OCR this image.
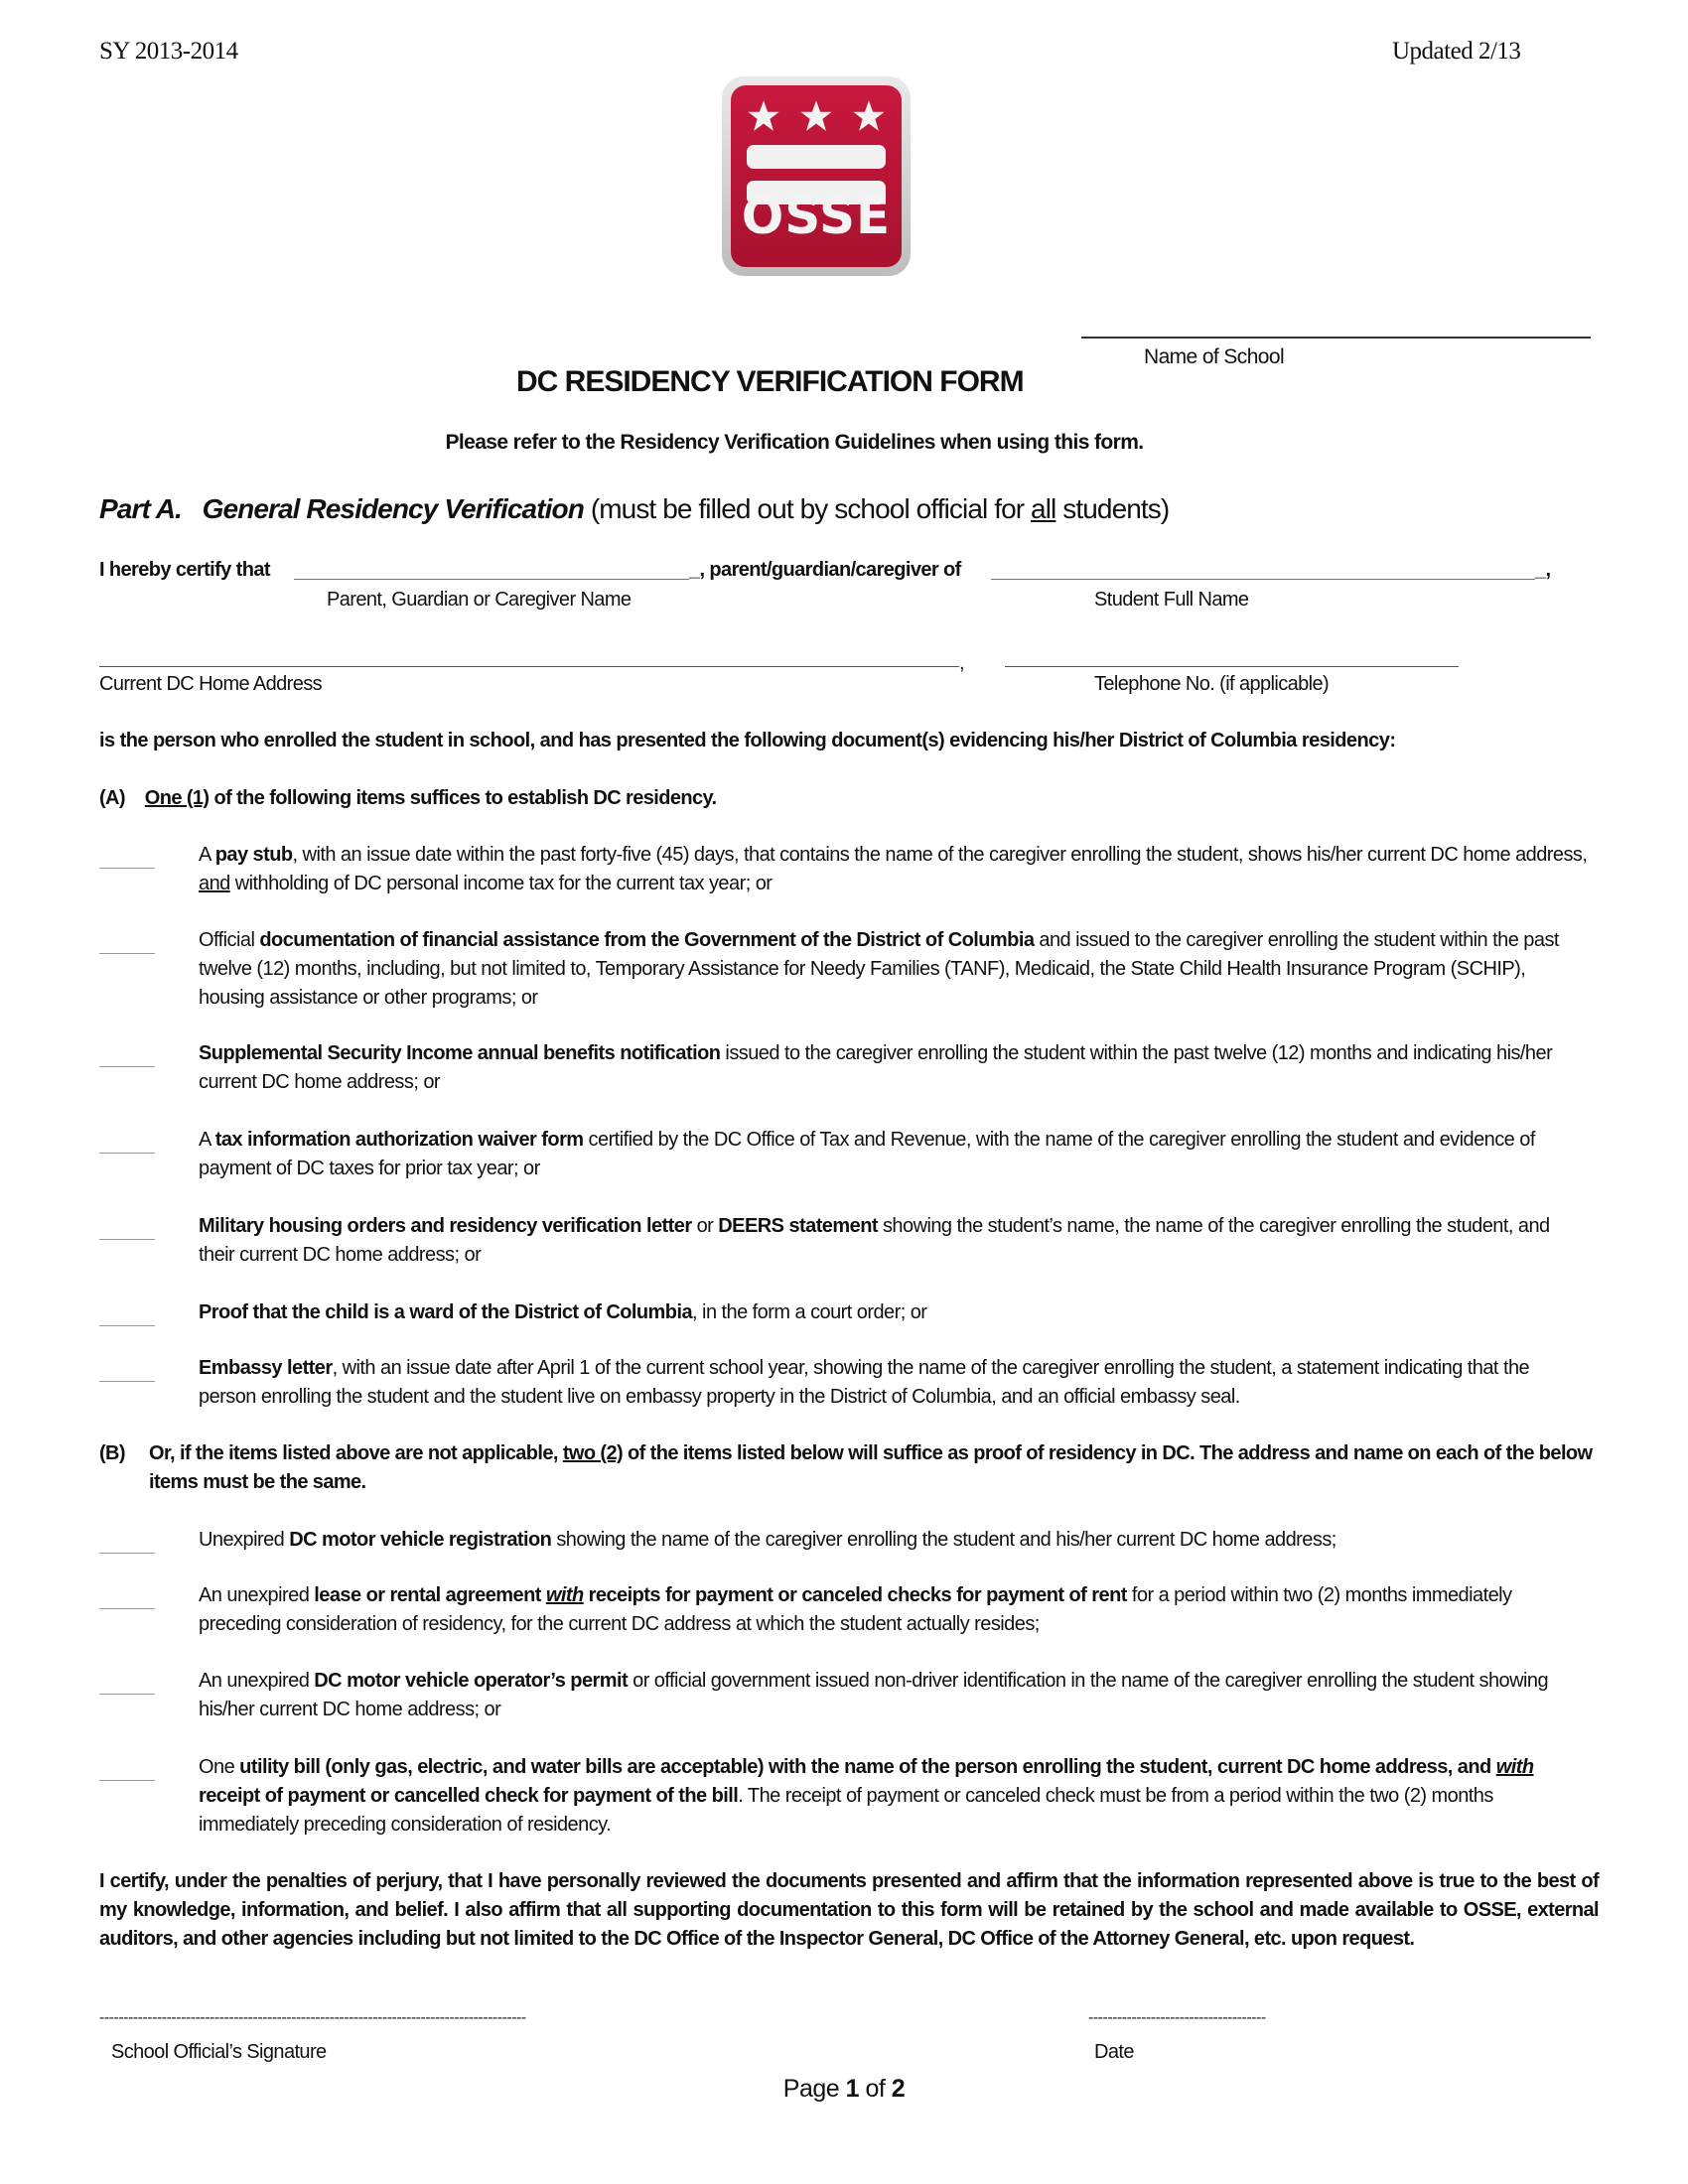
SY 2013-2014	Updated 2/13
OSSE
Name of School
DC RESIDENCY VERIFICATION FORM
Please refer to the Residency Verification Guidelines when using this form.
Part A. General Residency Verification (must be filled out by school official for all students)
I hereby certify that	_, parent/guardian/caregiver of	_,
Parent, Guardian or Caregiver Name	Student Full Name
,
Current DC Home Address	Telephone No. (if applicable)
is the person who enrolled the student in school, and has presented the following document(s) evidencing his/her District of Columbia residency:
(A) One (1) of the following items suffices to establish DC residency.
A pay stub, with an issue date within the past forty-five (45) days, that contains the name of the caregiver enrolling the student, shows his/her current DC home address, and withholding of DC personal income tax for the current tax year; or
Official documentation of financial assistance from the Government of the District of Columbia and issued to the caregiver enrolling the student within the past twelve (12) months, including, but not limited to, Temporary Assistance for Needy Families (TANF), Medicaid, the State Child Health Insurance Program (SCHIP), housing assistance or other programs; or
Supplemental Security Income annual benefits notification issued to the caregiver enrolling the student within the past twelve (12) months and indicating his/her current DC home address; or
A tax information authorization waiver form certified by the DC Office of Tax and Revenue, with the name of the caregiver enrolling the student and evidence of payment of DC taxes for prior tax year; or
Military housing orders and residency verification letter or DEERS statement showing the student’s name, the name of the caregiver enrolling the student, and their current DC home address; or
Proof that the child is a ward of the District of Columbia, in the form a court order; or
Embassy letter, with an issue date after April 1 of the current school year, showing the name of the caregiver enrolling the student, a statement indicating that the person enrolling the student and the student live on embassy property in the District of Columbia, and an official embassy seal.
(B) Or, if the items listed above are not applicable, two (2) of the items listed below will suffice as proof of residency in DC. The address and name on each of the below items must be the same.
Unexpired DC motor vehicle registration showing the name of the caregiver enrolling the student and his/her current DC home address;
An unexpired lease or rental agreement with receipts for payment or canceled checks for payment of rent for a period within two (2) months immediately preceding consideration of residency, for the current DC address at which the student actually resides;
An unexpired DC motor vehicle operator’s permit or official government issued non-driver identification in the name of the caregiver enrolling the student showing his/her current DC home address; or
One utility bill (only gas, electric, and water bills are acceptable) with the name of the person enrolling the student, current DC home address, and with receipt of payment or cancelled check for payment of the bill. The receipt of payment or canceled check must be from a period within the two (2) months immediately preceding consideration of residency.
I certify, under the penalties of perjury, that I have personally reviewed the documents presented and affirm that the information represented above is true to the best of my knowledge, information, and belief. I also affirm that all supporting documentation to this form will be retained by the school and made available to OSSE, external auditors, and other agencies including but not limited to the DC Office of the Inspector General, DC Office of the Attorney General, etc. upon request.
-----------------------------------------------------------------------------------------	-------------------------------------
School Official’s Signature	Date
Page 1 of 2
